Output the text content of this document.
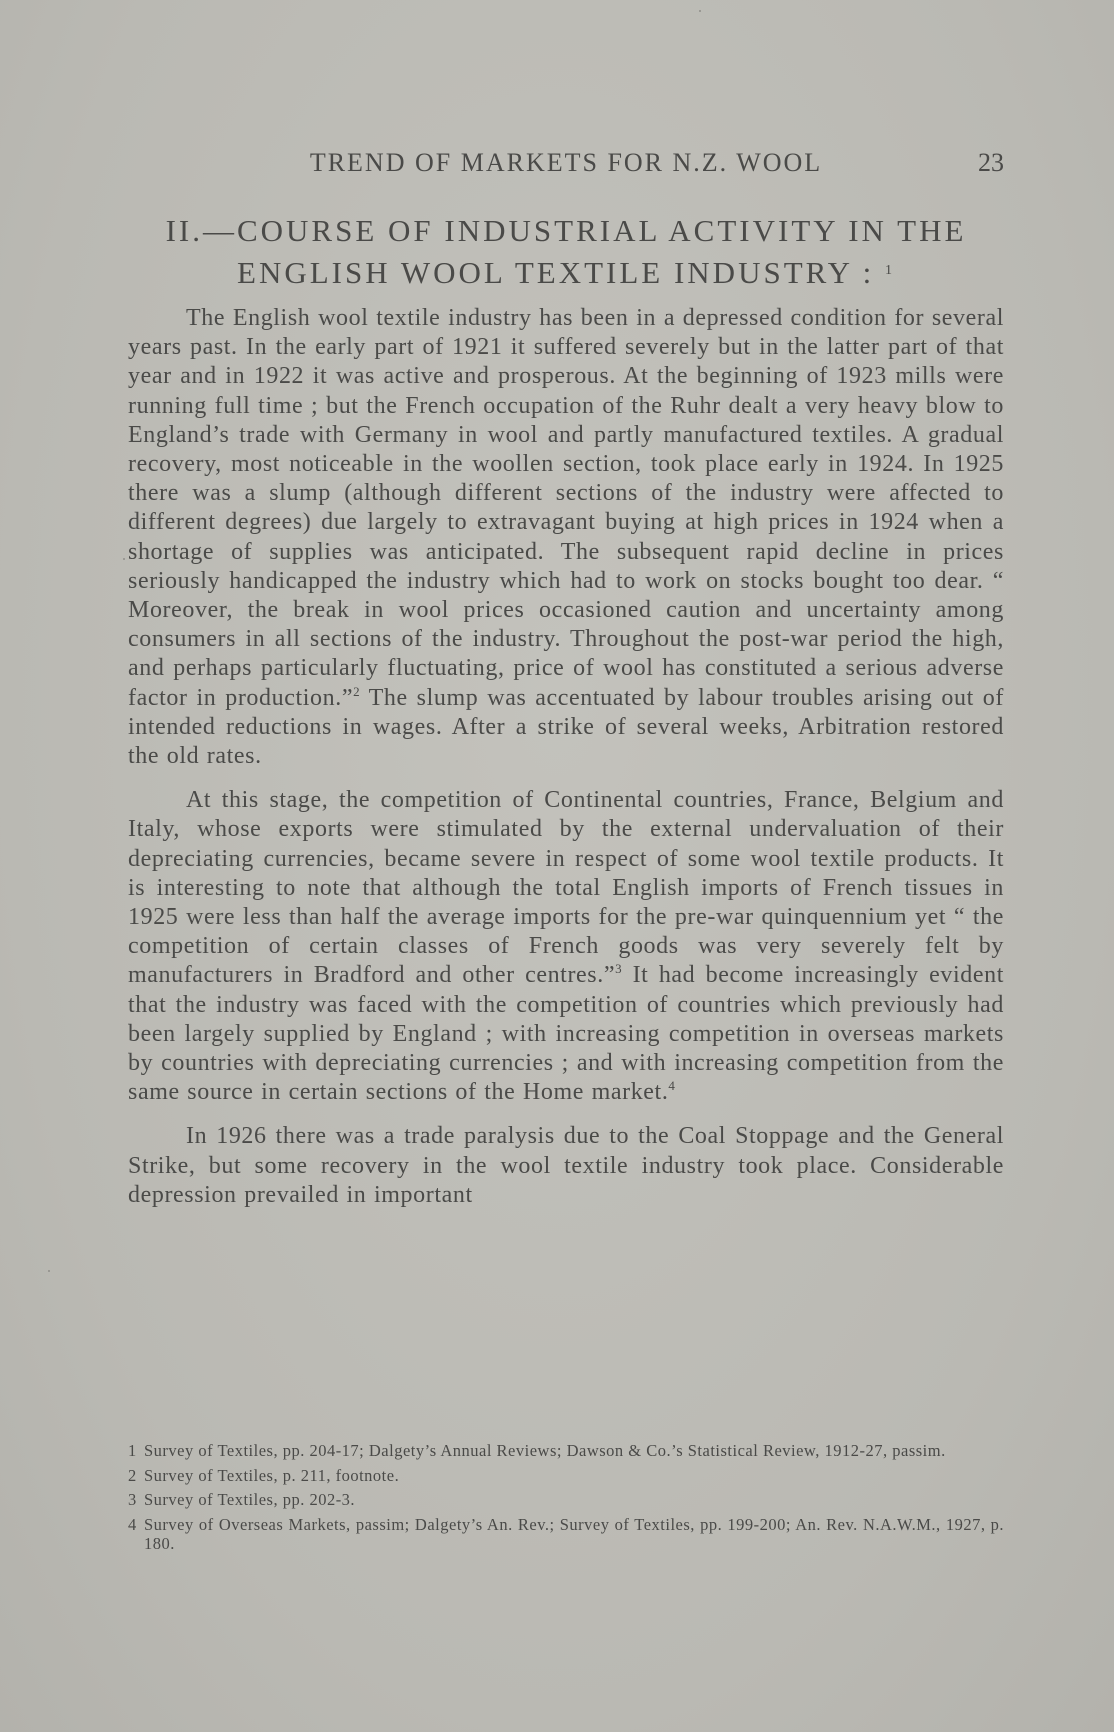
TREND OF MARKETS FOR N.Z. WOOL	23
II.—COURSE OF INDUSTRIAL ACTIVITY IN THE ENGLISH WOOL TEXTILE INDUSTRY : $^1$

The English wool textile industry has been in a depressed condition for several years past. In the early part of 1921 it suffered severely but in the latter part of that year and in 1922 it was active and prosperous. At the beginning of 1923 mills were running full time ; but the French occupation of the Ruhr dealt a very heavy blow to England’s trade with Germany in wool and partly manufactured textiles. A gradual recovery, most noticeable in the woollen section, took place early in 1924. In 1925 there was a slump (although different sections of the industry were affected to different degrees) due largely to extravagant buying at high prices in 1924 when a shortage of supplies was anticipated. The subsequent rapid decline in prices seriously handicapped the industry which had to work on stocks bought too dear. “ Moreover, the break in wool prices occasioned caution and uncertainty among consumers in all sections of the industry. Throughout the post-war period the high, and perhaps particularly fluctuating, price of wool has constituted a serious adverse factor in production.”$^2$ The slump was accentuated by labour troubles arising out of intended reductions in wages. After a strike of several weeks, Arbitration restored the old rates.

At this stage, the competition of Continental countries, France, Belgium and Italy, whose exports were stimulated by the external undervaluation of their depreciating currencies, became severe in respect of some wool textile products. It is interesting to note that although the total English imports of French tissues in 1925 were less than half the average imports for the pre-war quinquennium yet “ the competition of certain classes of French goods was very severely felt by manufacturers in Bradford and other centres.”$^3$ It had become increasingly evident that the industry was faced with the competition of countries which previously had been largely supplied by England ; with increasing competition in overseas markets by countries with depreciating currencies ; and with increasing competition from the same source in certain sections of the Home market.$^4$

In 1926 there was a trade paralysis due to the Coal Stoppage and the General Strike, but some recovery in the wool textile industry took place. Considerable depression prevailed in important

1 Survey of Textiles, pp. 204-17; Dalgety’s Annual Reviews; Dawson & Co.’s Statistical Review, 1912-27, passim.
2 Survey of Textiles, p. 211, footnote.
3 Survey of Textiles, pp. 202-3.
4 Survey of Overseas Markets, passim; Dalgety’s An. Rev.; Survey of Textiles, pp. 199-200; An. Rev. N.A.W.M., 1927, p. 180.
